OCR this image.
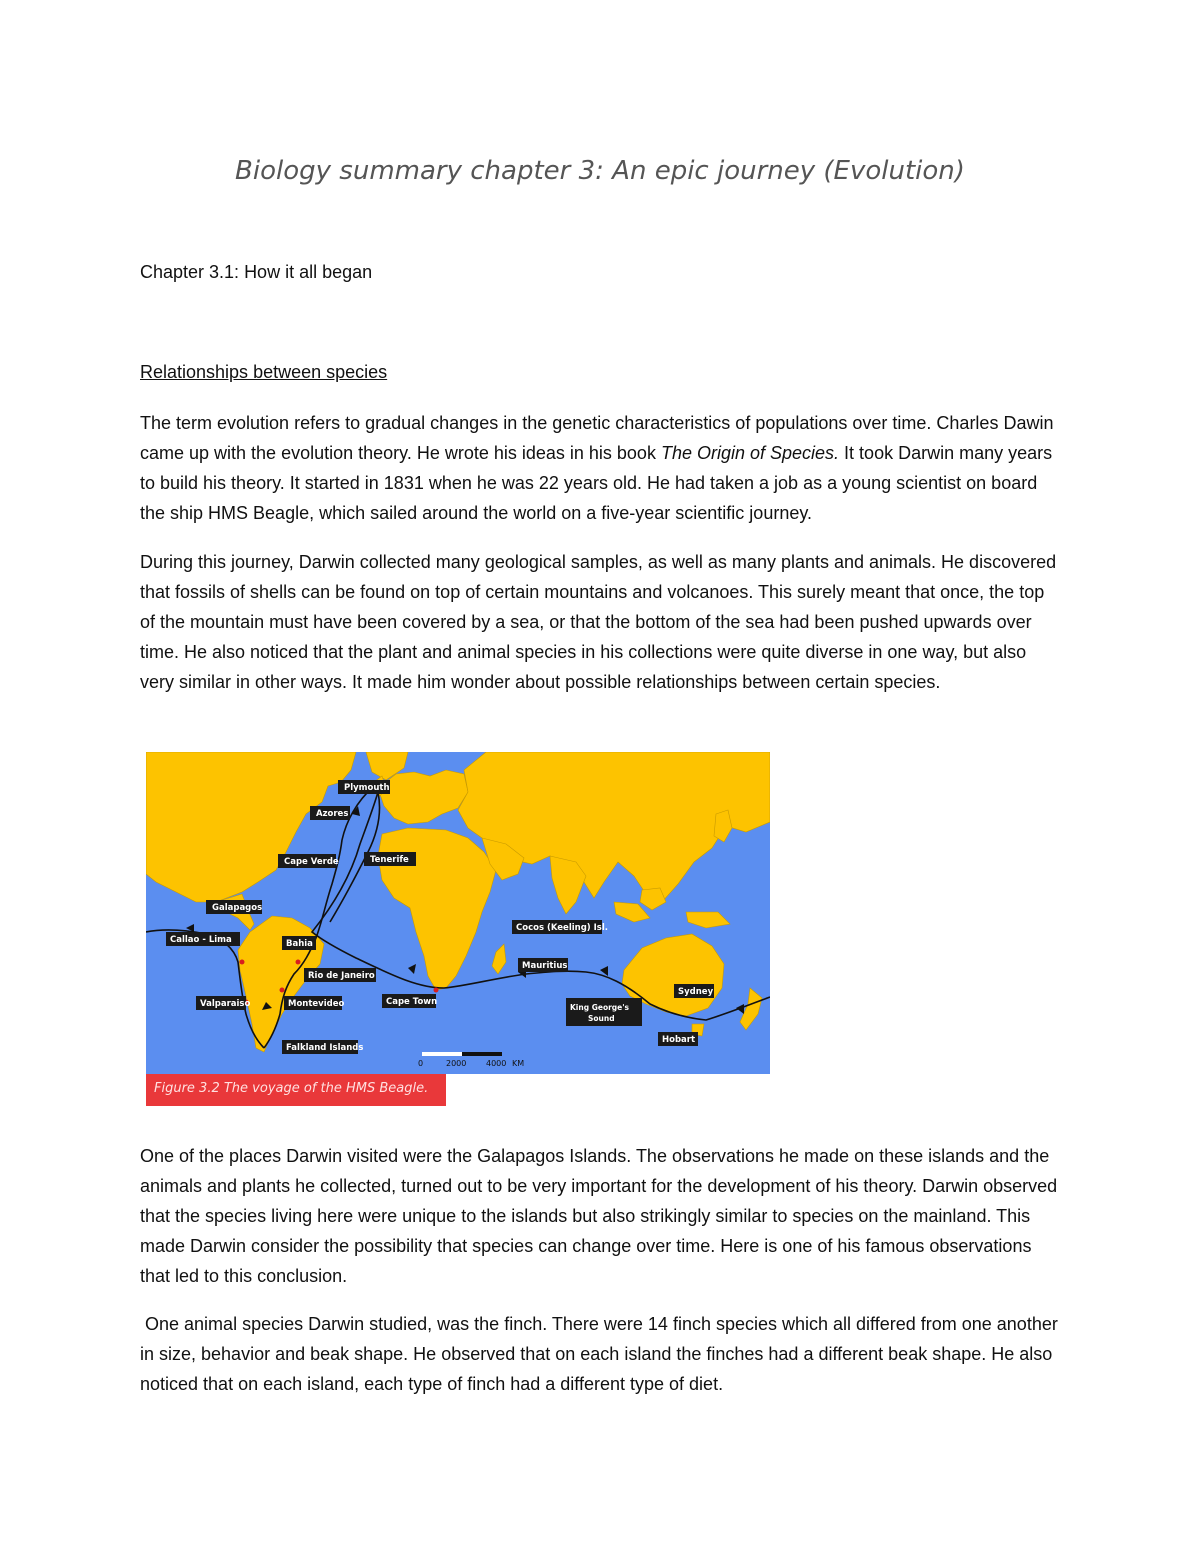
Biology summary chapter 3: An epic journey (Evolution)
Chapter 3.1: How it all began
Relationships between species

The term evolution refers to gradual changes in the genetic characteristics of populations over time. Charles Dawin came up with the evolution theory. He wrote his ideas in his book The Origin of Species. It took Darwin many years to build his theory. It started in 1831 when he was 22 years old. He had taken a job as a young scientist on board the ship HMS Beagle, which sailed around the world on a five-year scientific journey.

During this journey, Darwin collected many geological samples, as well as many plants and animals. He discovered that fossils of shells can be found on top of certain mountains and volcanoes. This surely meant that once, the top of the mountain must have been covered by a sea, or that the bottom of the sea had been pushed upwards over time. He also noticed that the plant and animal species in his collections were quite diverse in one way, but also very similar in other ways. It made him wonder about possible relationships between certain species.

Plymouth
Azores
Cape Verde	Tenerife
Galapagos
Callao - Lima	Bahia
Rio de Janeiro
Valparaiso	Montevideo
Falkland Islands
Cape Town
Cocos (Keeling) Isl.
Mauritius
King George's Sound
Sydney
Hobart
0	2000 4000 KM
Figure 3.2 The voyage of the HMS Beagle.

One of the places Darwin visited were the Galapagos Islands. The observations he made on these islands and the animals and plants he collected, turned out to be very important for the development of his theory. Darwin observed that the species living here were unique to the islands but also strikingly similar to species on the mainland. This made Darwin consider the possibility that species can change over time. Here is one of his famous observations that led to this conclusion.

One animal species Darwin studied, was the finch. There were 14 finch species which all differed from one another in size, behavior and beak shape. He observed that on each island the finches had a different beak shape. He also noticed that on each island, each type of finch had a different type of diet.
